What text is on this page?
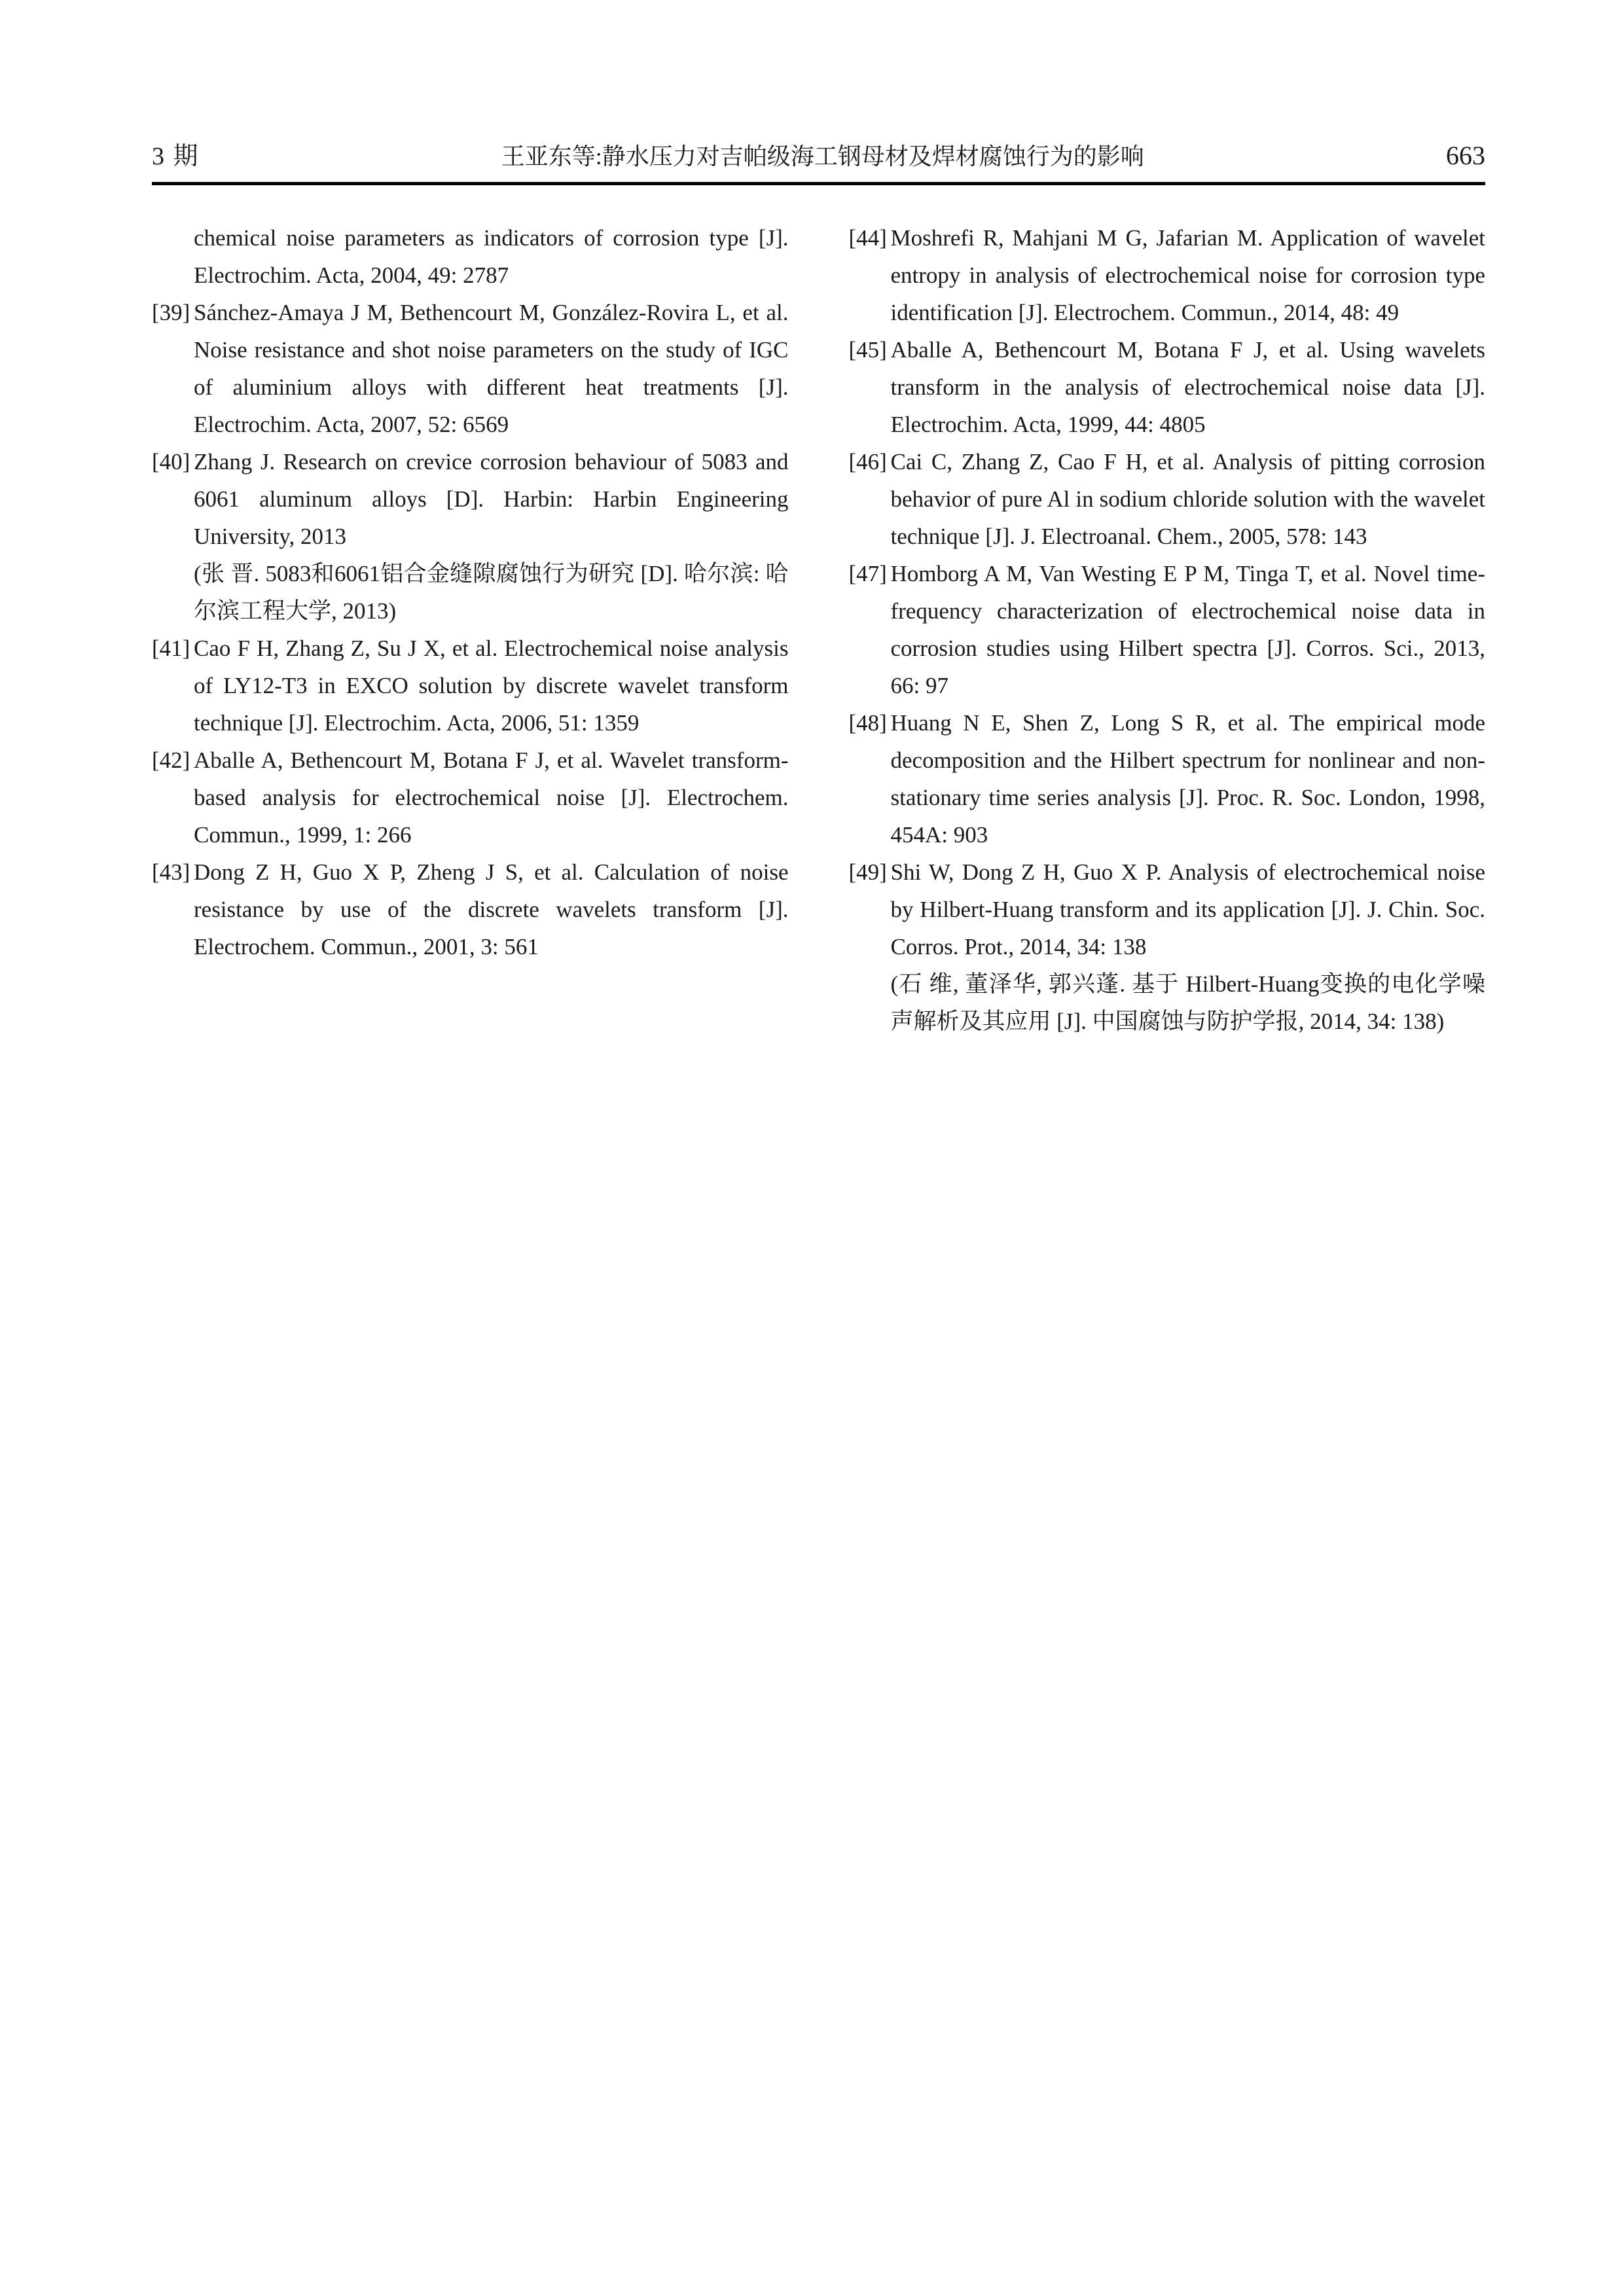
3 期	王亚东等:静水压力对吉帕级海工钢母材及焊材腐蚀行为的影响	663
chemical noise parameters as indicators of corrosion type [J]. Electrochim. Acta, 2004, 49: 2787
[39] Sánchez-Amaya J M, Bethencourt M, González-Rovira L, et al. Noise resistance and shot noise parameters on the study of IGC of aluminium alloys with different heat treatments [J]. Electrochim. Acta, 2007, 52: 6569
[40] Zhang J. Research on crevice corrosion behaviour of 5083 and 6061 aluminum alloys [D]. Harbin: Harbin Engineering University, 2013
(张 晋. 5083和6061铝合金缝隙腐蚀行为研究 [D]. 哈尔滨: 哈尔滨工程大学, 2013)
[41] Cao F H, Zhang Z, Su J X, et al. Electrochemical noise analysis of LY12-T3 in EXCO solution by discrete wavelet transform technique [J]. Electrochim. Acta, 2006, 51: 1359
[42] Aballe A, Bethencourt M, Botana F J, et al. Wavelet transform-based analysis for electrochemical noise [J]. Electrochem. Commun., 1999, 1: 266
[43] Dong Z H, Guo X P, Zheng J S, et al. Calculation of noise resistance by use of the discrete wavelets transform [J]. Electrochem. Commun., 2001, 3: 561
[44] Moshrefi R, Mahjani M G, Jafarian M. Application of wavelet entropy in analysis of electrochemical noise for corrosion type identification [J]. Electrochem. Commun., 2014, 48: 49
[45] Aballe A, Bethencourt M, Botana F J, et al. Using wavelets transform in the analysis of electrochemical noise data [J]. Electrochim. Acta, 1999, 44: 4805
[46] Cai C, Zhang Z, Cao F H, et al. Analysis of pitting corrosion behavior of pure Al in sodium chloride solution with the wavelet technique [J]. J. Electroanal. Chem., 2005, 578: 143
[47] Homborg A M, Van Westing E P M, Tinga T, et al. Novel time-frequency characterization of electrochemical noise data in corrosion studies using Hilbert spectra [J]. Corros. Sci., 2013, 66: 97
[48] Huang N E, Shen Z, Long S R, et al. The empirical mode decomposition and the Hilbert spectrum for nonlinear and non-stationary time series analysis [J]. Proc. R. Soc. London, 1998, 454A: 903
[49] Shi W, Dong Z H, Guo X P. Analysis of electrochemical noise by Hilbert-Huang transform and its application [J]. J. Chin. Soc. Corros. Prot., 2014, 34: 138
(石 维, 董泽华, 郭兴蓬. 基于 Hilbert-Huang变换的电化学噪声解析及其应用 [J]. 中国腐蚀与防护学报, 2014, 34: 138)
